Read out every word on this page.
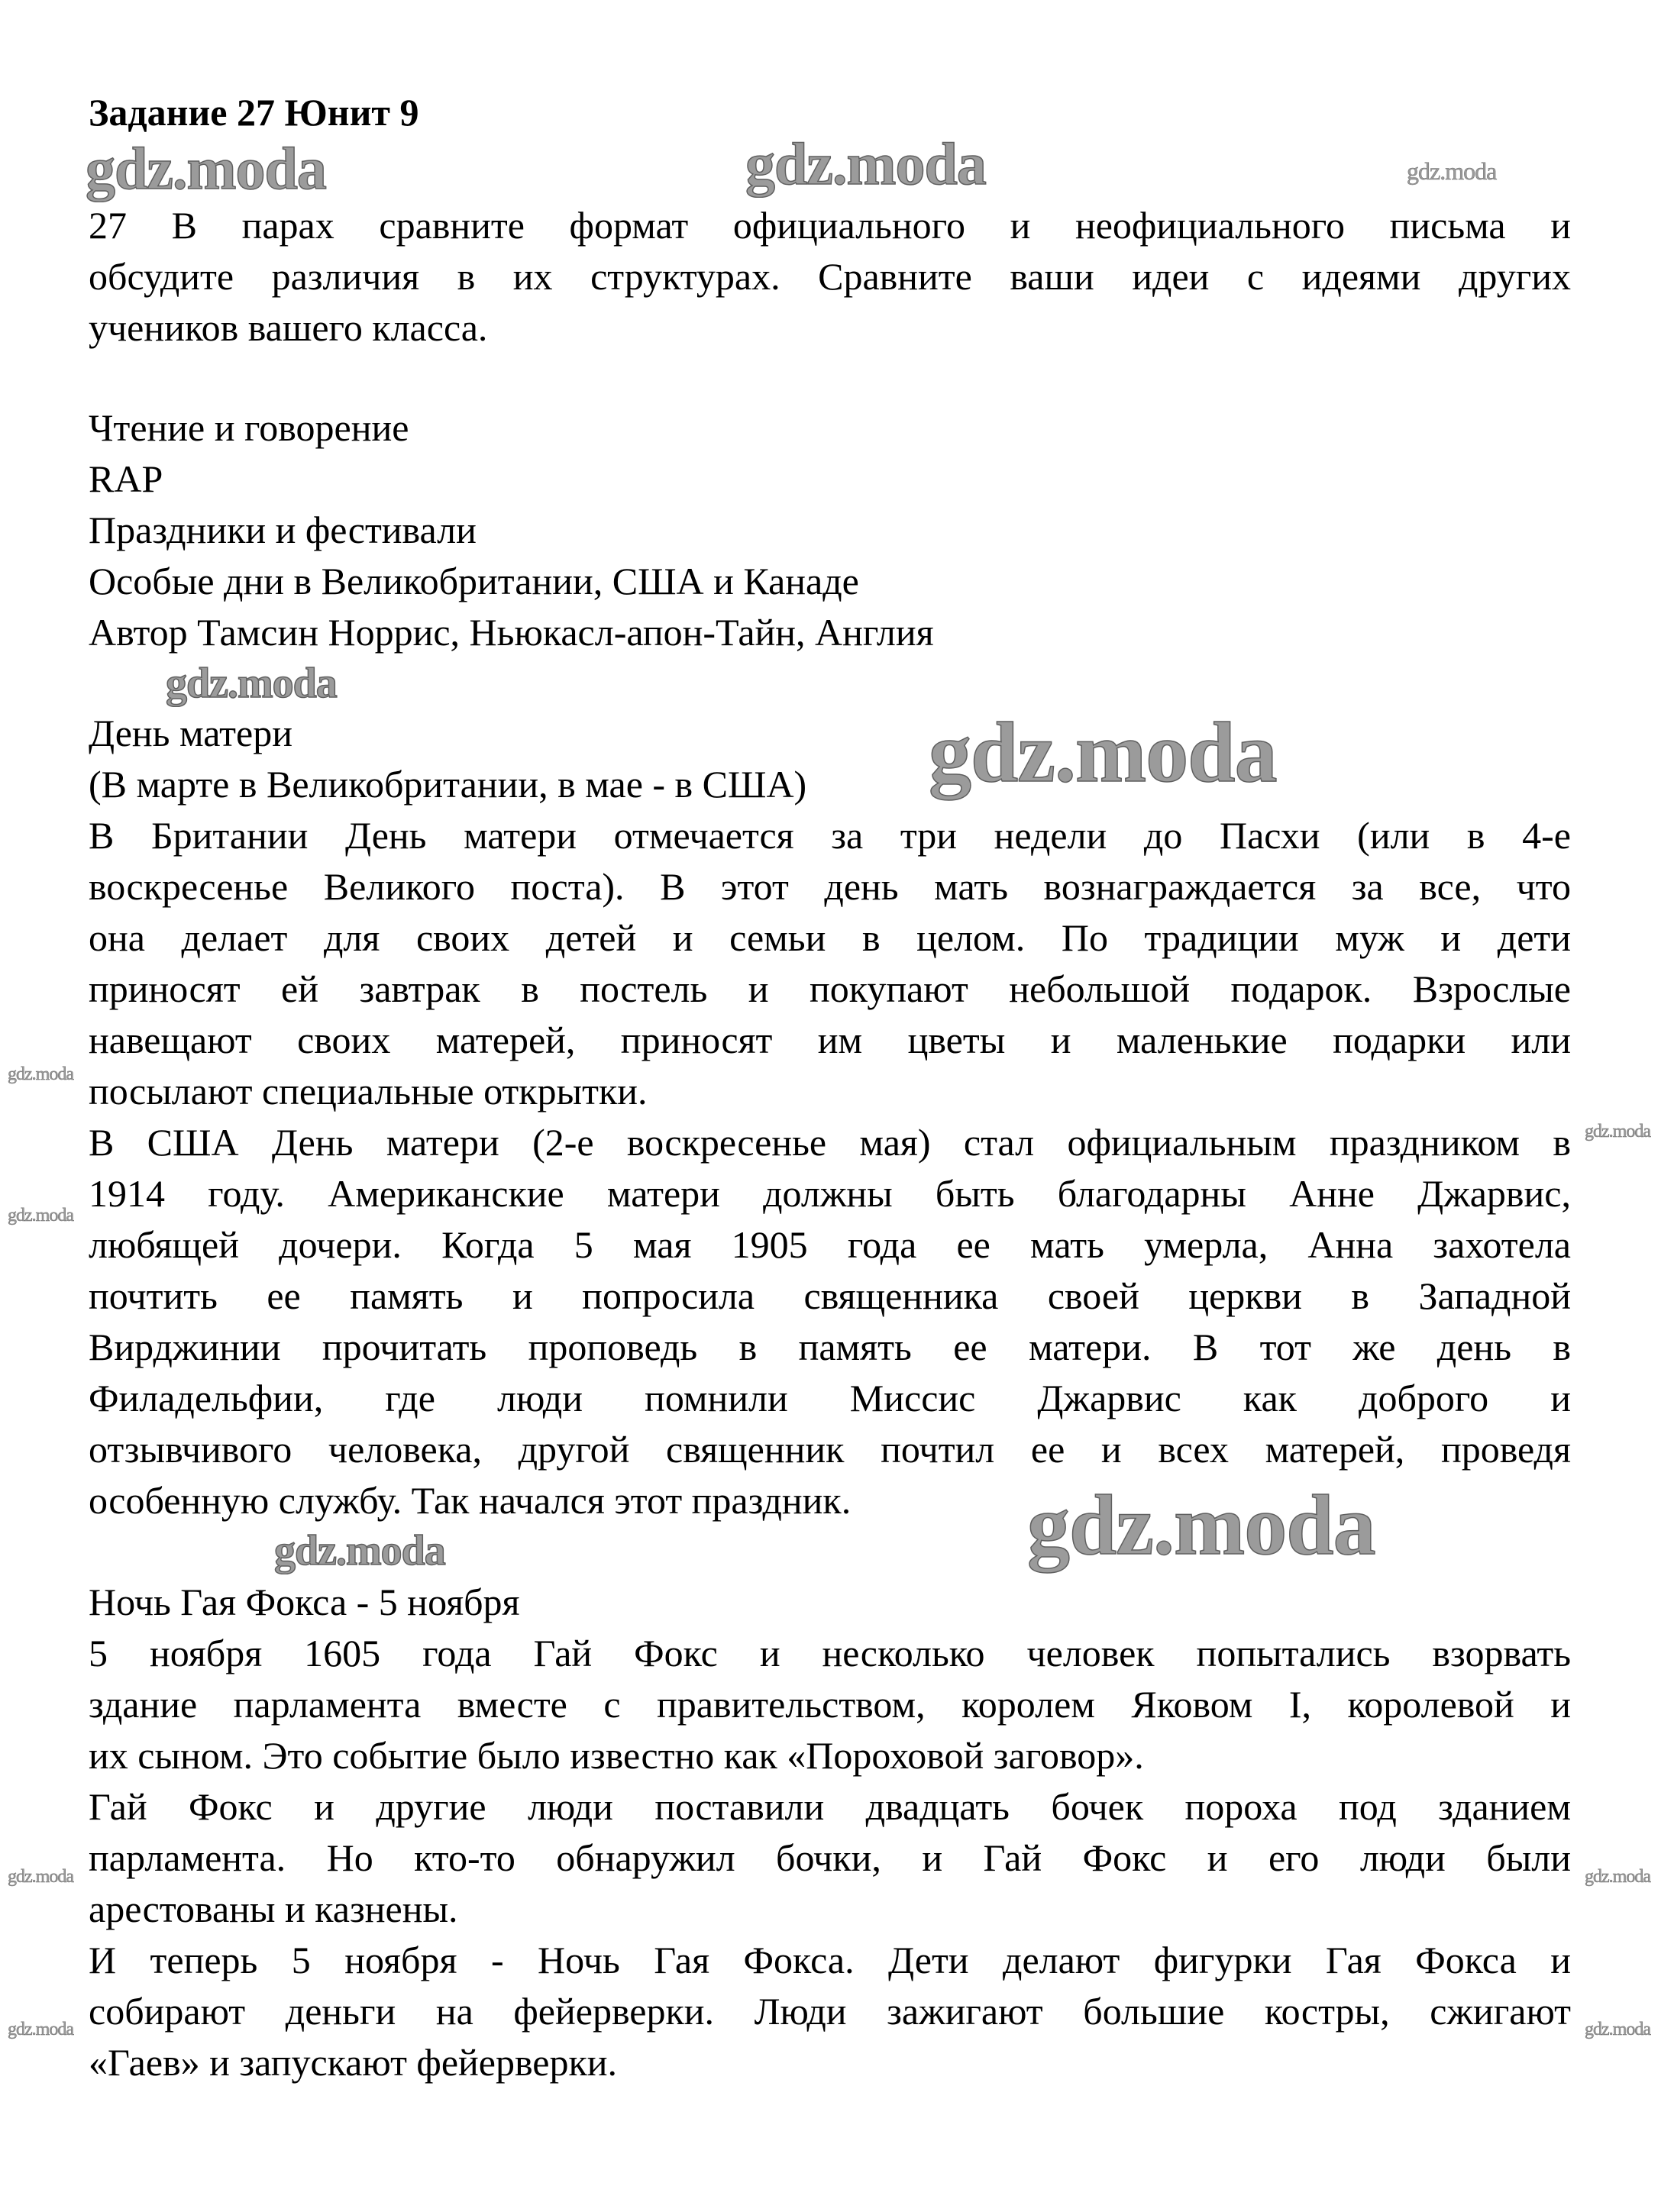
Задание 27 Юнит 9
27 В парах сравните формат официального и неофициального письма и
обсудите различия в их структурах. Сравните ваши идеи с идеями других
учеников вашего класса.
Чтение и говорение
RAP
Праздники и фестивали
Особые дни в Великобритании, США и Канаде
Автор Тамсин Норрис, Ньюкасл-апон-Тайн, Англия
День матери
(В марте в Великобритании, в мае - в США)
В Британии День матери отмечается за три недели до Пасхи (или в 4-е
воскресенье Великого поста). В этот день мать вознаграждается за все, что
она делает для своих детей и семьи в целом. По традиции муж и дети
приносят ей завтрак в постель и покупают небольшой подарок. Взрослые
навещают своих матерей, приносят им цветы и маленькие подарки или
посылают специальные открытки.
В США День матери (2-е воскресенье мая) стал официальным праздником в
1914 году. Американские матери должны быть благодарны Анне Джарвис,
любящей дочери. Когда 5 мая 1905 года ее мать умерла, Анна захотела
почтить ее память и попросила священника своей церкви в Западной
Вирджинии прочитать проповедь в память ее матери. В тот же день в
Филадельфии, где люди помнили Миссис Джарвис как доброго и
отзывчивого человека, другой священник почтил ее и всех матерей, проведя
особенную службу. Так начался этот праздник.
Ночь Гая Фокса - 5 ноября
5 ноября 1605 года Гай Фокс и несколько человек попытались взорвать
здание парламента вместе с правительством, королем Яковом I, королевой и
их сыном. Это событие было известно как «Пороховой заговор».
Гай Фокс и другие люди поставили двадцать бочек пороха под зданием
парламента. Но кто-то обнаружил бочки, и Гай Фокс и его люди были
арестованы и казнены.
И теперь 5 ноября - Ночь Гая Фокса. Дети делают фигурки Гая Фокса и
собирают деньги на фейерверки. Люди зажигают большие костры, сжигают
«Гаев» и запускают фейерверки.
gdz.moda	gdz.moda	gdz.moda
gdz.moda
gdz.moda
gdz.moda
gdz.moda
gdz.moda
gdz.moda
gdz.moda
gdz.moda	gdz.moda
gdz.moda	gdz.moda
